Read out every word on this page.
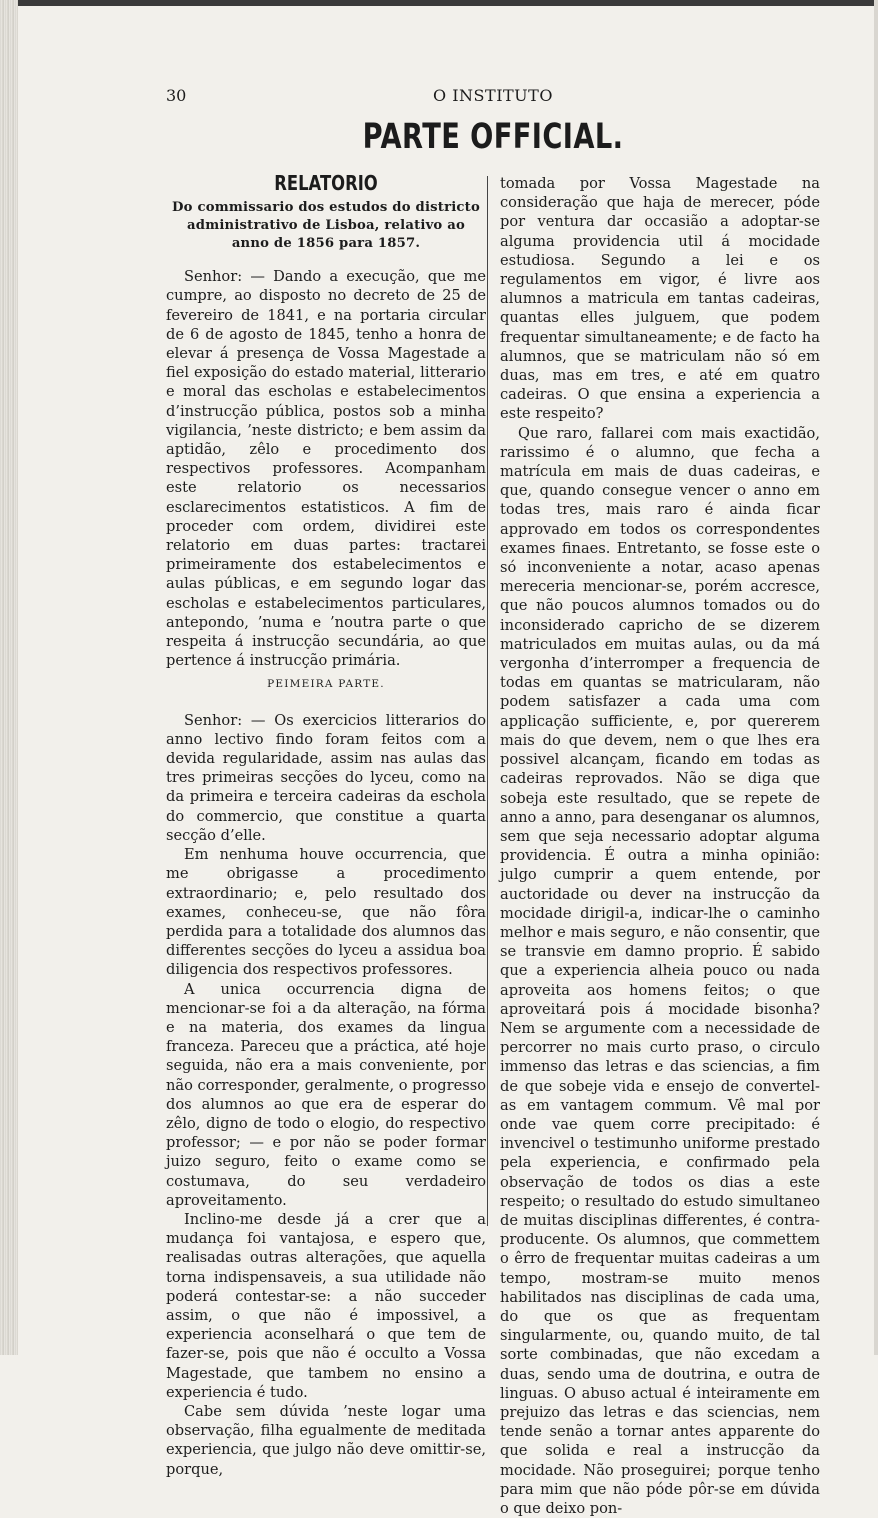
O INSTITUTO
30
PARTE OFFICIAL.
RELATORIO
Do commissario dos estudos do districto administrativo de Lisboa, relativo ao anno de 1856 para 1857.

Senhor: — Dando a execução, que me cumpre, ao disposto no decreto de 25 de fevereiro de 1841, e na portaria circular de 6 de agosto de 1845, tenho a honra de elevar á presença de Vossa Magestade a fiel exposição do estado material, litterario e moral das escholas e estabelecimentos d’instrucção pública, postos sob a minha vigilancia, ’neste districto; e bem assim da aptidão, zêlo e procedimento dos respectivos professores. Acompanham este relatorio os necessarios esclarecimentos estatisticos. A fim de proceder com ordem, dividirei este relatorio em duas partes: tractarei primeiramente dos estabelecimentos e aulas públicas, e em segundo logar das escholas e estabelecimentos particulares, antepondo, ’numa e ’noutra parte o que respeita á instrucção secundária, ao que pertence á instrucção primária.

PEIMEIRA PARTE.

Senhor: — Os exercicios litterarios do anno lectivo findo foram feitos com a devida regularidade, assim nas aulas das tres primeiras secções do lyceu, como na da primeira e terceira cadeiras da eschola do commercio, que constitue a quarta secção d’elle.

Em nenhuma houve occurrencia, que me obrigasse a procedimento extraordinario; e, pelo resultado dos exames, conheceu-se, que não fôra perdida para a totalidade dos alumnos das differentes secções do lyceu a assidua boa diligencia dos respectivos professores.

A unica occurrencia digna de mencionar-se foi a da alteração, na fórma e na materia, dos exames da lingua franceza. Pareceu que a práctica, até hoje seguida, não era a mais conveniente, por não corresponder, geralmente, o progresso dos alumnos ao que era de esperar do zêlo, digno de todo o elogio, do respectivo professor; — e por não se poder formar juizo seguro, feito o exame como se costumava, do seu verdadeiro aproveitamento.

Inclino-me desde já a crer que a mudança foi vantajosa, e espero que, realisadas outras alterações, que aquella torna indispensaveis, a sua utilidade não poderá contestar-se: a não succeder assim, o que não é impossivel, a experiencia aconselhará o que tem de fazer-se, pois que não é occulto a Vossa Magestade, que tambem no ensino a experiencia é tudo.

Cabe sem dúvida ’neste logar uma observação, filha egualmente de meditada experiencia, que julgo não deve omittir-se, porque,

tomada por Vossa Magestade na consideração que haja de merecer, póde por ventura dar occasião a adoptar-se alguma providencia util á mocidade estudiosa. Segundo a lei e os regulamentos em vigor, é livre aos alumnos a matricula em tantas cadeiras, quantas elles julguem, que podem frequentar simultaneamente; e de facto ha alumnos, que se matriculam não só em duas, mas em tres, e até em quatro cadeiras. O que ensina a experiencia a este respeito?

Que raro, fallarei com mais exactidão, rarissimo é o alumno, que fecha a matrícula em mais de duas cadeiras, e que, quando consegue vencer o anno em todas tres, mais raro é ainda ficar approvado em todos os correspondentes exames finaes. Entretanto, se fosse este o só inconveniente a notar, acaso apenas mereceria mencionar-se, porém accresce, que não poucos alumnos tomados ou do inconsiderado capricho de se dizerem matriculados em muitas aulas, ou da má vergonha d’interromper a frequencia de todas em quantas se matricularam, não podem satisfazer a cada uma com applicação sufficiente, e, por quererem mais do que devem, nem o que lhes era possivel alcançam, ficando em todas as cadeiras reprovados. Não se diga que sobeja este resultado, que se repete de anno a anno, para desenganar os alumnos, sem que seja necessario adoptar alguma providencia. É outra a minha opinião: julgo cumprir a quem entende, por auctoridade ou dever na instrucção da mocidade dirigil-a, indicar-lhe o caminho melhor e mais seguro, e não consentir, que se transvie em damno proprio. É sabido que a experiencia alheia pouco ou nada aproveita aos homens feitos; o que aproveitará pois á mocidade bisonha? Nem se argumente com a necessidade de percorrer no mais curto praso, o circulo immenso das letras e das sciencias, a fim de que sobeje vida e ensejo de convertel-as em vantagem commum. Vê mal por onde vae quem corre precipitado: é invencivel o testimunho uniforme prestado pela experiencia, e confirmado pela observação de todos os dias a este respeito; o resultado do estudo simultaneo de muitas disciplinas differentes, é contra-producente. Os alumnos, que commettem o êrro de frequentar muitas cadeiras a um tempo, mostram-se muito menos habilitados nas disciplinas de cada uma, do que os que as frequentam singularmente, ou, quando muito, de tal sorte combinadas, que não excedam a duas, sendo uma de doutrina, e outra de linguas. O abuso actual é inteiramente em prejuizo das letras e das sciencias, nem tende senão a tornar antes apparente do que solida e real a instrucção da mocidade. Não proseguirei; porque tenho para mim que não póde pôr-se em dúvida o que deixo pon-
